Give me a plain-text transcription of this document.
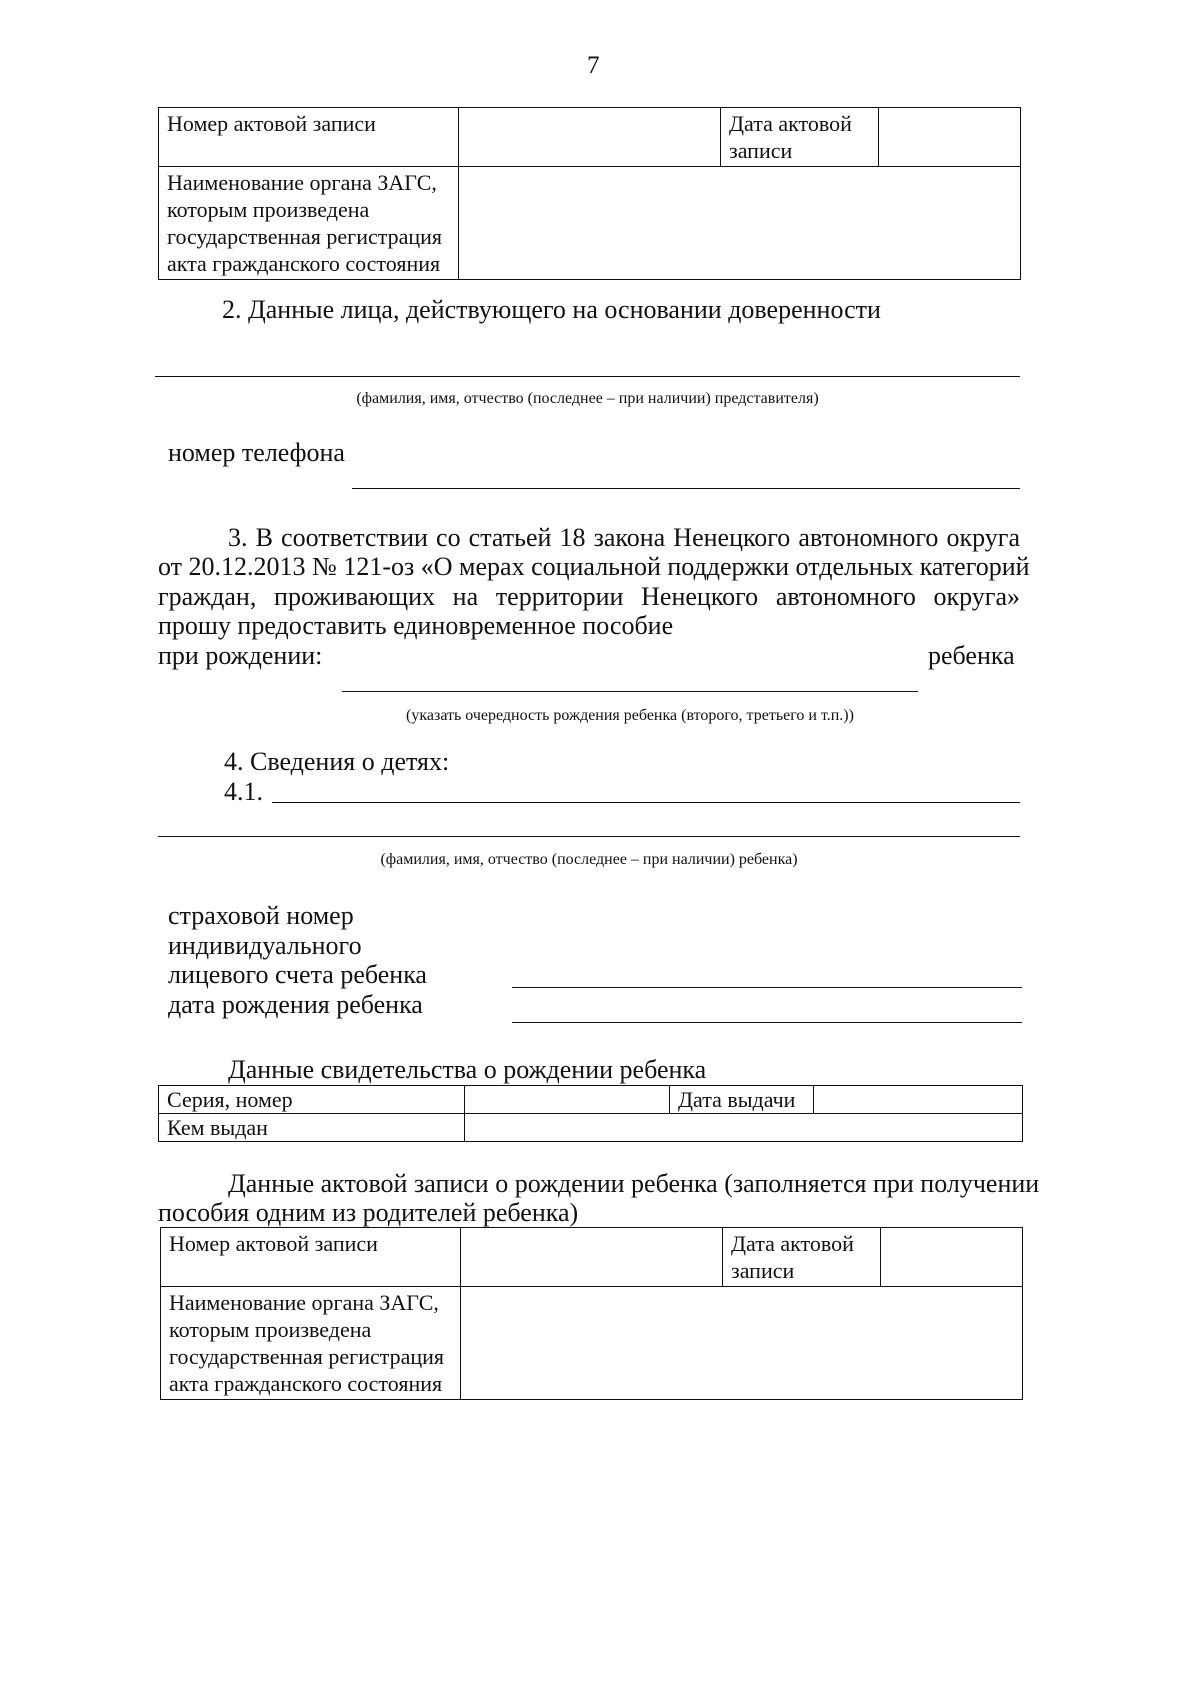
7
Номер актовой записи		Дата актовой записи	
Наименование органа ЗАГС, которым произведена государственная регистрация акта гражданского состояния			
2. Данные лица, действующего на основании доверенности
(фамилия, имя, отчество (последнее – при наличии) представителя)
номер телефона
3. В соответствии со статьей 18 закона Ненецкого автономного округа
от 20.12.2013 № 121-оз «О мерах социальной поддержки отдельных категорий
граждан, проживающих на территории Ненецкого автономного округа»
прошу предоставить единовременное пособие
при рождении:	ребенка
(указать очередность рождения ребенка (второго, третьего и т.п.))
4. Сведения о детях:
4.1.
(фамилия, имя, отчество (последнее – при наличии) ребенка)
страховой номер
индивидуального
лицевого счета ребенка
дата рождения ребенка
Данные свидетельства о рождении ребенка
Серия, номер		Дата выдачи	
Кем выдан			
Данные актовой записи о рождении ребенка (заполняется при получении
пособия одним из родителей ребенка)
Номер актовой записи		Дата актовой записи	
Наименование органа ЗАГС, которым произведена государственная регистрация акта гражданского состояния			
